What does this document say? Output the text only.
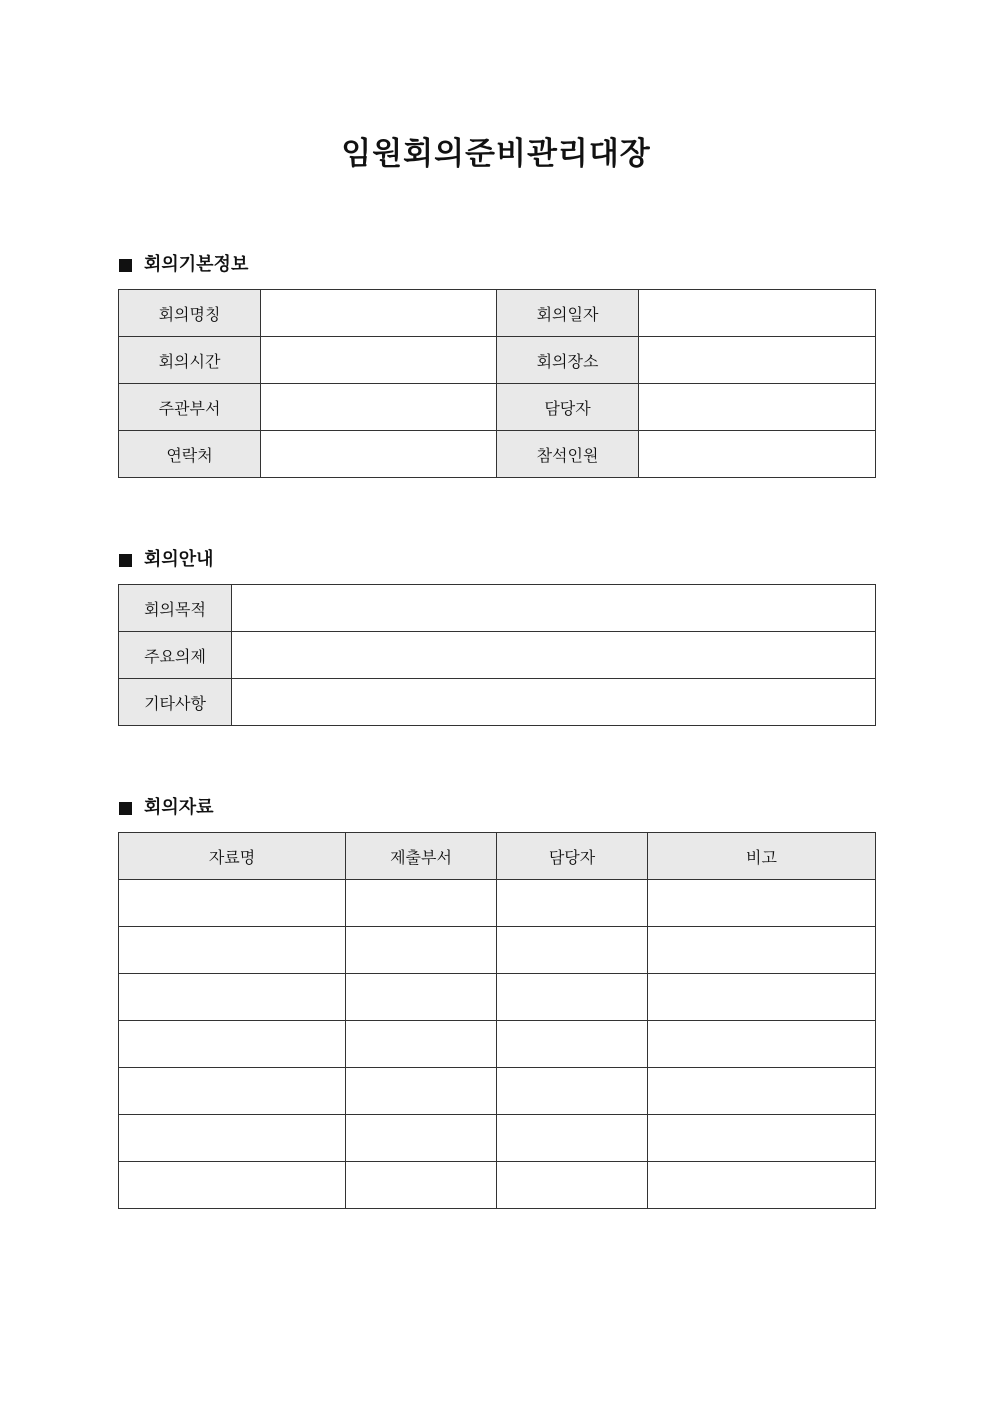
임원회의준비관리대장
회의기본정보
회의명칭		회의일자	
회의시간		회의장소	
주관부서		담당자	
연락처		참석인원	
회의안내
회의목적	
주요의제	
기타사항	
회의자료
자료명	제출부서	담당자	비고
